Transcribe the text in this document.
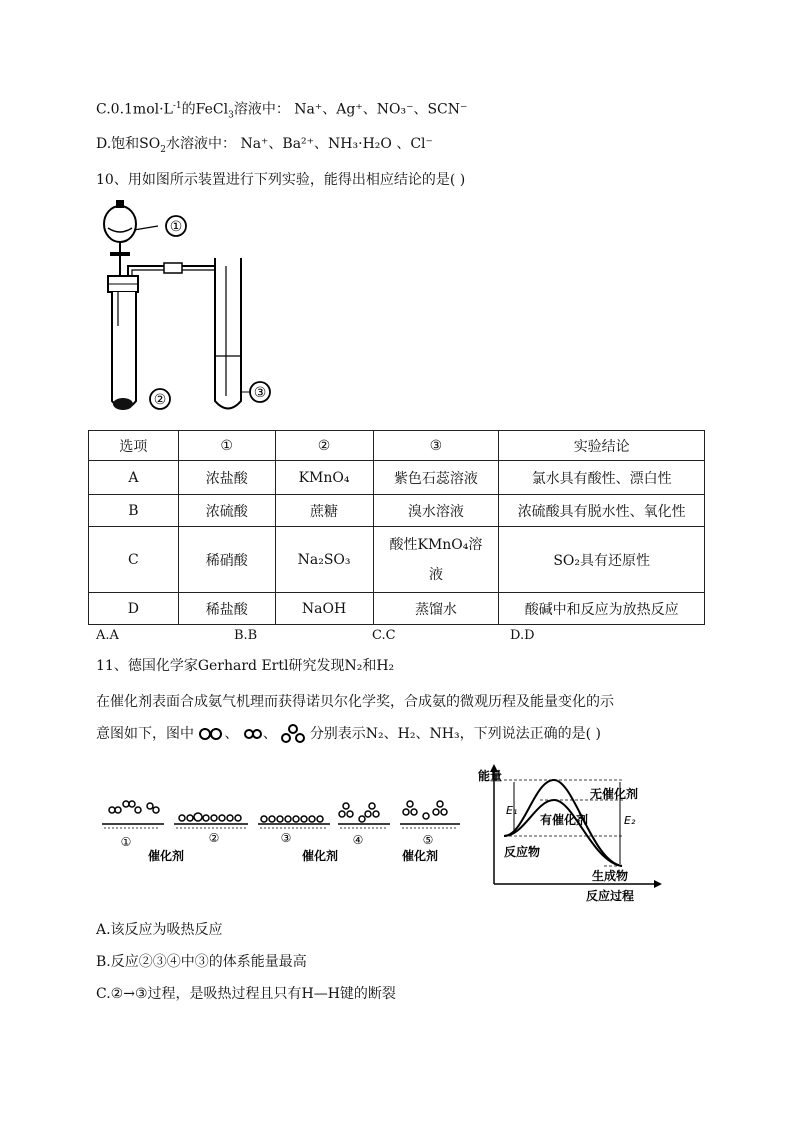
$C.0.1mol\cdot L^{-1}$的FeCl$_3$溶液中： Na⁺、Ag⁺、NO₃⁻、SCN⁻
D.饱和$SO_2$水溶液中： Na⁺、Ba²⁺、NH₃·H₂O 、Cl⁻
10、用如图所示装置进行下列实验，能得出相应结论的是( )
①
②	③
选项	①	②	③	实验结论
A	浓盐酸	KMnO₄	紫色石蕊溶液	氯水具有酸性、漂白性
B	浓硫酸	蔗糖	溴水溶液	浓硫酸具有脱水性、氧化性
C	稀硝酸	Na₂SO₃	酸性KMnO₄溶液	SO₂具有还原性
D	稀盐酸	NaOH	蒸馏水	酸碱中和反应为放热反应
A.A	B.B	C.C	D.D
11、德国化学家Gerhard Ertl研究发现N₂和H₂
在催化剂表面合成氨气机理而获得诺贝尔化学奖，合成氨的微观历程及能量变化的示
意图如下，图中 、 、 分别表示N₂、H₂、NH₃，下列说法正确的是( )
①	②	③	④	⑤
催化剂	催化剂	催化剂
能量
反应过程
E₁
E₂
无催化剂
有催化剂
反应物
生成物
A.该反应为吸热反应
B.反应②③④中③的体系能量最高
C.②→③过程，是吸热过程且只有H—H键的断裂
